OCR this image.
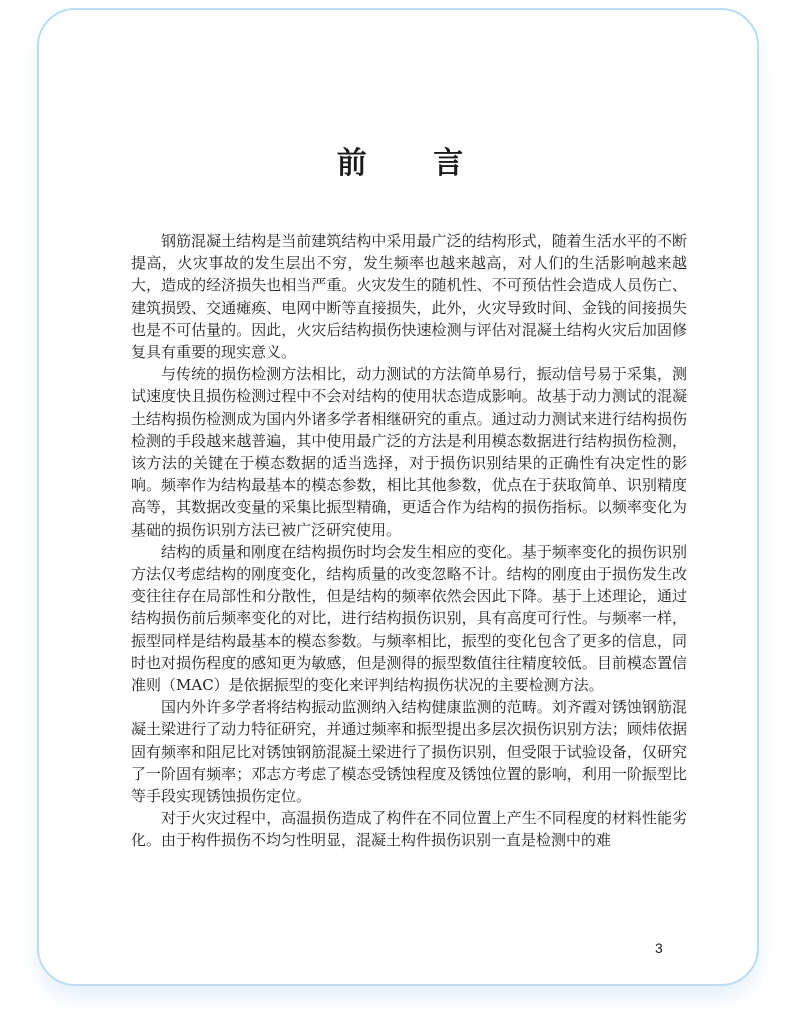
前 言

钢筋混凝土结构是当前建筑结构中采用最广泛的结构形式，随着生活水平的不断提高，火灾事故的发生层出不穷，发生频率也越来越高，对人们的生活影响越来越大，造成的经济损失也相当严重。火灾发生的随机性、不可预估性会造成人员伤亡、建筑损毁、交通瘫痪、电网中断等直接损失，此外，火灾导致时间、金钱的间接损失也是不可估量的。因此，火灾后结构损伤快速检测与评估对混凝土结构火灾后加固修复具有重要的现实意义。

与传统的损伤检测方法相比，动力测试的方法简单易行，振动信号易于采集，测试速度快且损伤检测过程中不会对结构的使用状态造成影响。故基于动力测试的混凝土结构损伤检测成为国内外诸多学者相继研究的重点。通过动力测试来进行结构损伤检测的手段越来越普遍，其中使用最广泛的方法是利用模态数据进行结构损伤检测，该方法的关键在于模态数据的适当选择，对于损伤识别结果的正确性有决定性的影响。频率作为结构最基本的模态参数，相比其他参数，优点在于获取简单、识别精度高等，其数据改变量的采集比振型精确，更适合作为结构的损伤指标。以频率变化为基础的损伤识别方法已被广泛研究使用。

结构的质量和刚度在结构损伤时均会发生相应的变化。基于频率变化的损伤识别方法仅考虑结构的刚度变化，结构质量的改变忽略不计。结构的刚度由于损伤发生改变往往存在局部性和分散性，但是结构的频率依然会因此下降。基于上述理论，通过结构损伤前后频率变化的对比，进行结构损伤识别，具有高度可行性。与频率一样，振型同样是结构最基本的模态参数。与频率相比，振型的变化包含了更多的信息，同时也对损伤程度的感知更为敏感，但是测得的振型数值往往精度较低。目前模态置信准则（MAC）是依据振型的变化来评判结构损伤状况的主要检测方法。

国内外许多学者将结构振动监测纳入结构健康监测的范畴。刘齐霞对锈蚀钢筋混凝土梁进行了动力特征研究，并通过频率和振型提出多层次损伤识别方法；顾炜依据固有频率和阻尼比对锈蚀钢筋混凝土梁进行了损伤识别，但受限于试验设备，仅研究了一阶固有频率；邓志方考虑了模态受锈蚀程度及锈蚀位置的影响，利用一阶振型比等手段实现锈蚀损伤定位。

对于火灾过程中，高温损伤造成了构件在不同位置上产生不同程度的材料性能劣化。由于构件损伤不均匀性明显，混凝土构件损伤识别一直是检测中的难

3
